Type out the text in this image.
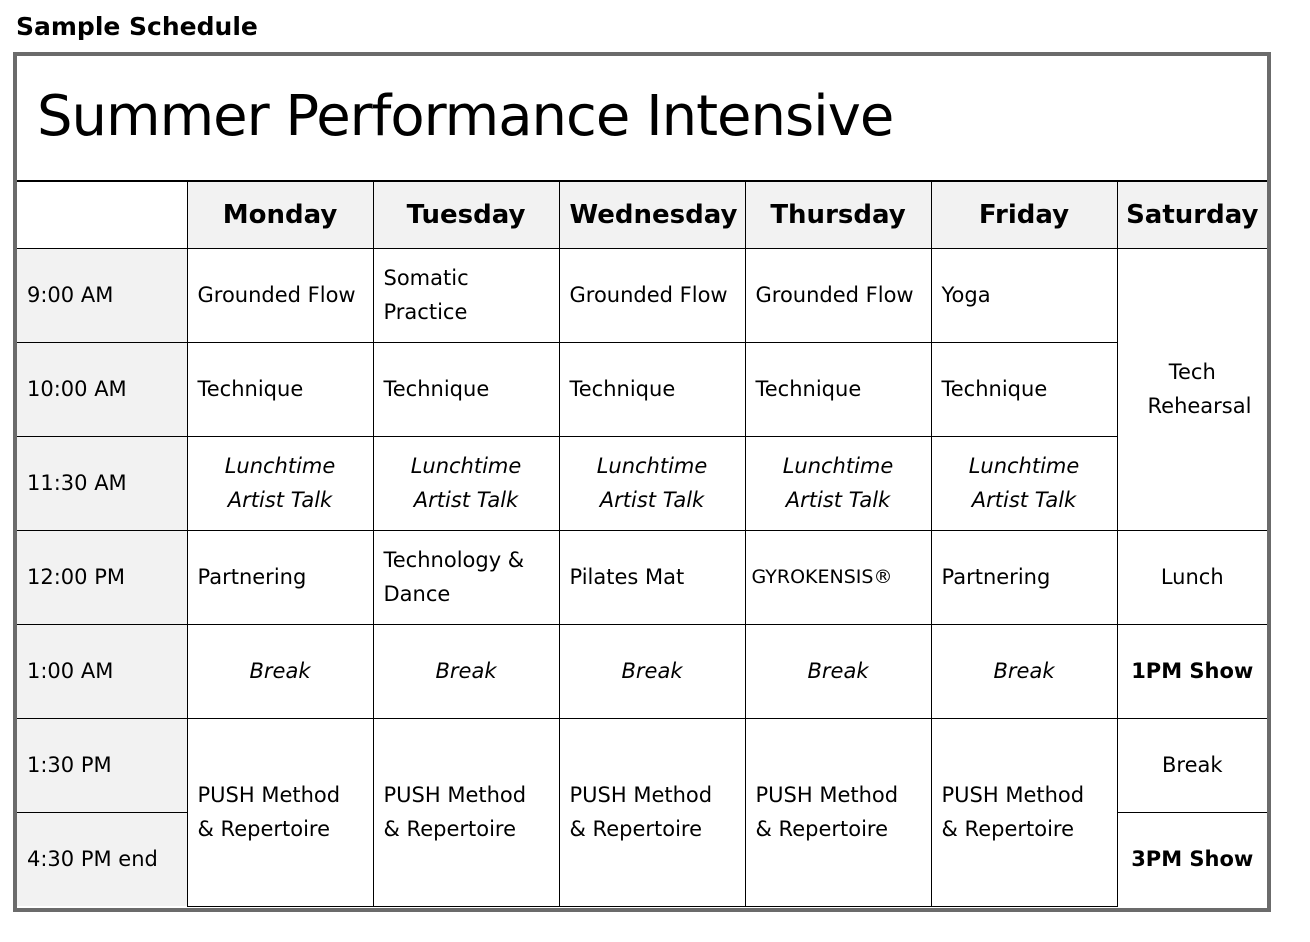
Sample Schedule
Summer Performance Intensive
	Monday	Tuesday	Wednesday	Thursday	Friday	Saturday
9:00 AM	Grounded Flow	Somatic Practice	Grounded Flow	Grounded Flow	Yoga	Tech Rehearsal
10:00 AM	Technique	Technique	Technique	Technique	Technique	
11:30 AM	Lunchtime Artist Talk	Lunchtime Artist Talk	Lunchtime Artist Talk	Lunchtime Artist Talk	Lunchtime Artist Talk	
12:00 PM	Partnering	Technology & Dance	Pilates Mat	GYROKENSIS®	Partnering	Lunch
1:00 AM	Break	Break	Break	Break	Break	1PM Show
1:30 PM	PUSH Method & Repertoire	PUSH Method & Repertoire	PUSH Method & Repertoire	PUSH Method & Repertoire	PUSH Method & Repertoire	Break
4:30 PM end						3PM Show
